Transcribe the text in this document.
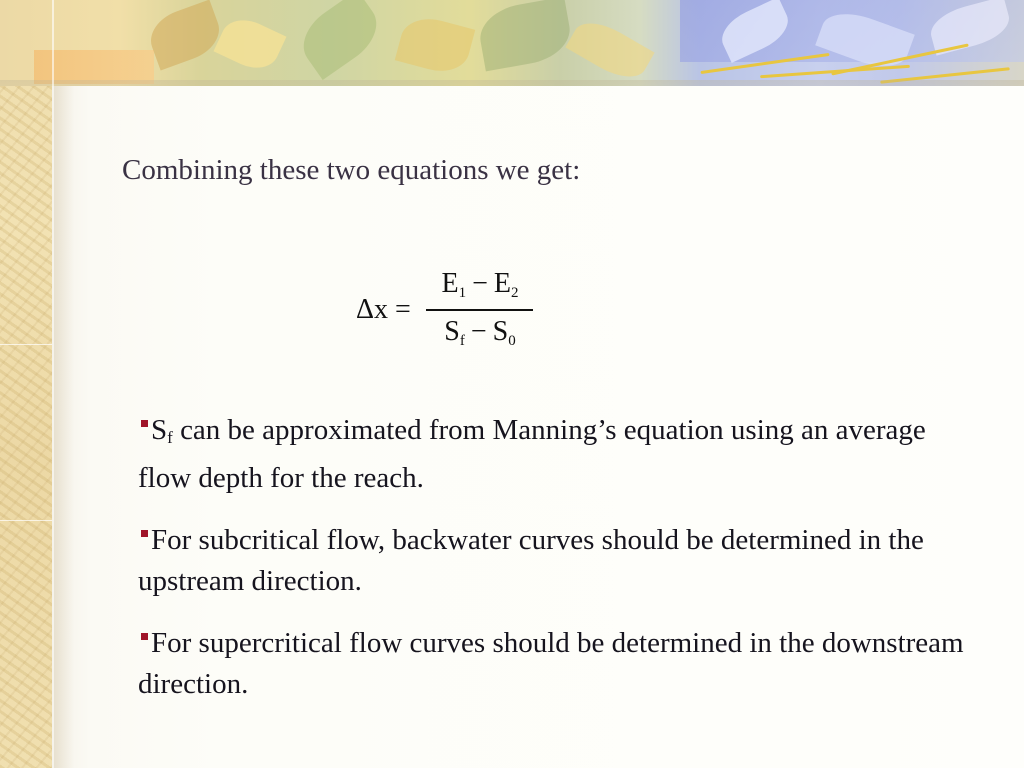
Combining these two equations we get:
Δx =
$E_1 - E_2$
$S_f - S_0$
$S_f$ can be approximated from Manning’s equation using an average flow depth for the reach.
For subcritical flow, backwater curves should be determined in the upstream direction.
For supercritical flow curves should be determined in the downstream direction.
